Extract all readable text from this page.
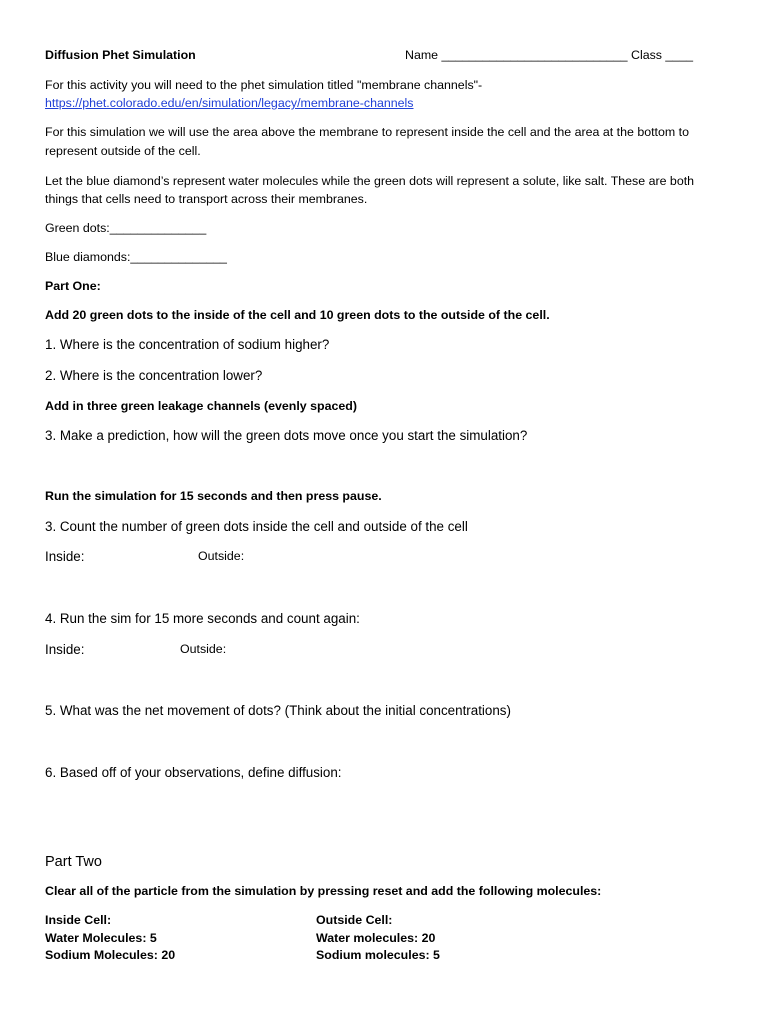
Diffusion Phet Simulation	Name ___________________________ Class ____
For this activity you will need to the phet simulation titled "membrane channels"-
https://phet.colorado.edu/en/simulation/legacy/membrane-channels
For this simulation we will use the area above the membrane to represent inside the cell and the area at the bottom to
represent outside of the cell.
Let the blue diamond’s represent water molecules while the green dots will represent a solute, like salt. These are both
things that cells need to transport across their membranes.
Green dots:______________
Blue diamonds:______________
Part One:
Add 20 green dots to the inside of the cell and 10 green dots to the outside of the cell.
1. Where is the concentration of sodium higher?
2. Where is the concentration lower?
Add in three green leakage channels (evenly spaced)
3. Make a prediction, how will the green dots move once you start the simulation?
Run the simulation for 15 seconds and then press pause.
3. Count the number of green dots inside the cell and outside of the cell
Inside:	Outside:
4. Run the sim for 15 more seconds and count again:
Inside:	Outside:
5. What was the net movement of dots? (Think about the initial concentrations)
6. Based off of your observations, define diffusion:
Part Two
Clear all of the particle from the simulation by pressing reset and add the following molecules:
Inside Cell:
Water Molecules: 5
Sodium Molecules: 20
Outside Cell:
Water molecules: 20
Sodium molecules: 5
